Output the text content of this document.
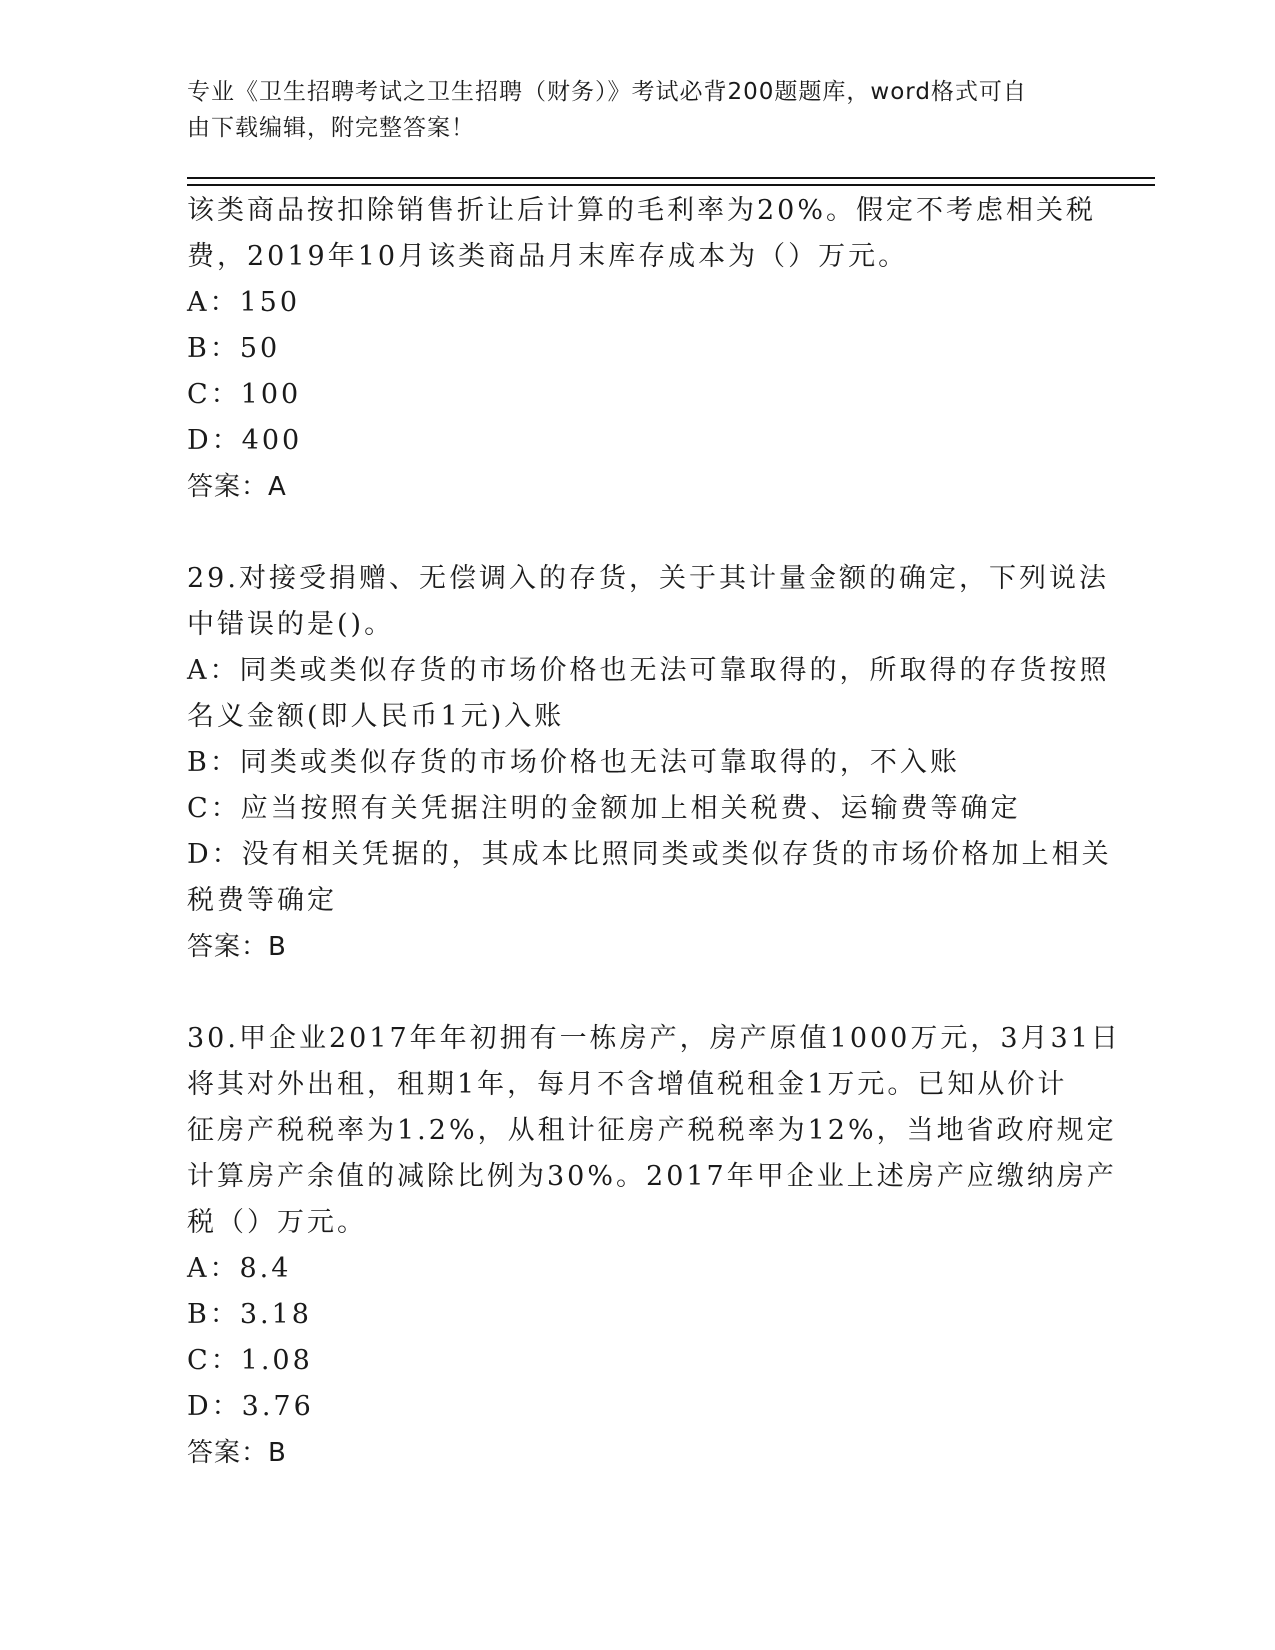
专业《卫生招聘考试之卫生招聘（财务）》考试必背200题题库，word格式可自
由下载编辑，附完整答案！
该类商品按扣除销售折让后计算的毛利率为20%。假定不考虑相关税
费，2019年10月该类商品月末库存成本为（）万元。
A：150
B：50
C：100
D：400
答案：A
29.对接受捐赠、无偿调入的存货，关于其计量金额的确定，下列说法
中错误的是()。
A：同类或类似存货的市场价格也无法可靠取得的，所取得的存货按照
名义金额(即人民币1元)入账
B：同类或类似存货的市场价格也无法可靠取得的，不入账
C：应当按照有关凭据注明的金额加上相关税费、运输费等确定
D：没有相关凭据的，其成本比照同类或类似存货的市场价格加上相关
税费等确定
答案：B
30.甲企业2017年年初拥有一栋房产，房产原值1000万元，3月31日
将其对外出租，租期1年，每月不含增值税租金1万元。已知从价计
征房产税税率为1.2%，从租计征房产税税率为12%，当地省政府规定
计算房产余值的减除比例为30%。2017年甲企业上述房产应缴纳房产
税（）万元。
A：8.4
B：3.18
C：1.08
D：3.76
答案：B
